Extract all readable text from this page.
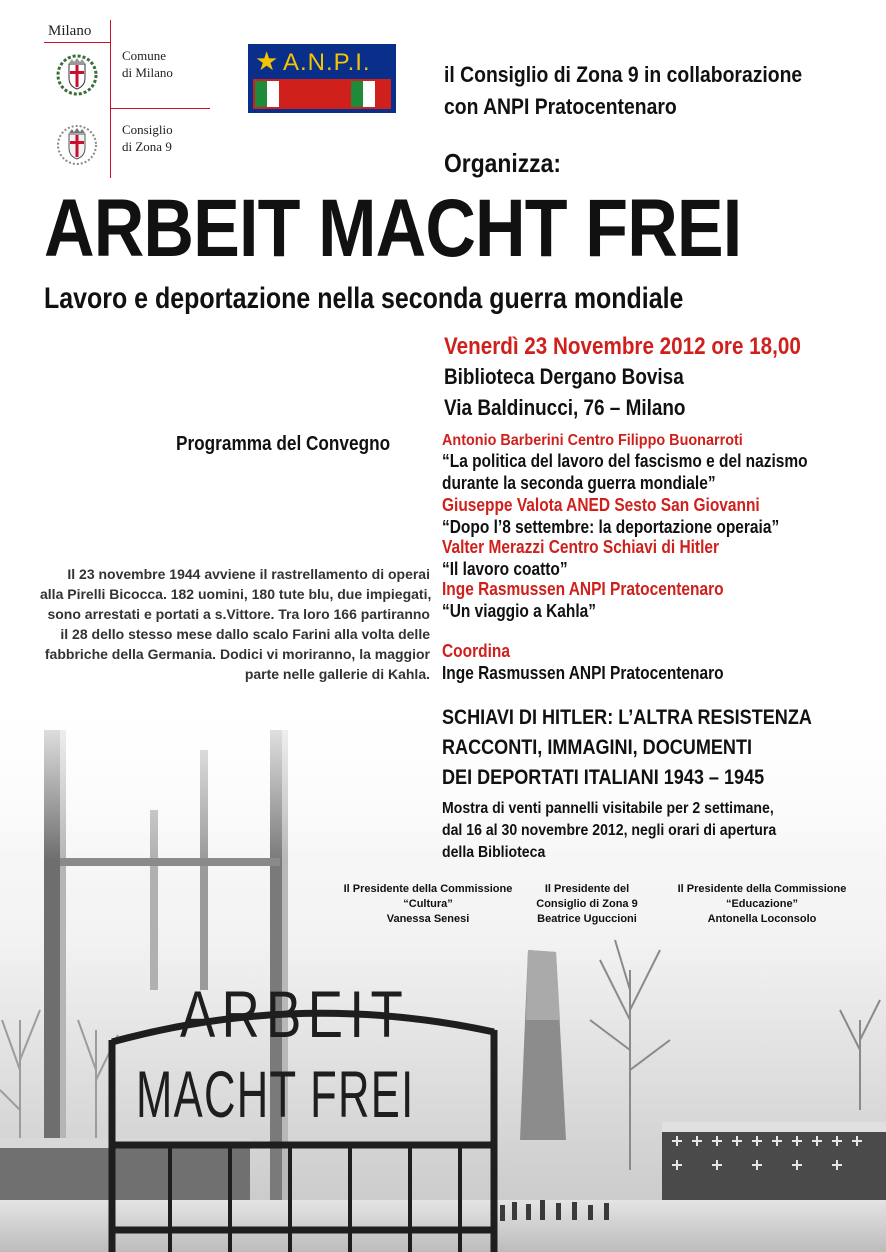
Milano
Comune
di Milano
Consiglio
di Zona 9
★ A.N.P.I.	il Consiglio di Zona 9 in collaborazione
con ANPI Pratocentenaro
Organizza:
ARBEIT MACHT FREI
Lavoro e deportazione nella seconda guerra mondiale
Venerdì 23 Novembre 2012 ore 18,00
Biblioteca Dergano Bovisa
Via Baldinucci, 76 – Milano
Programma del Convegno	Antonio Barberini Centro Filippo Buonarroti
“La politica del lavoro del fascismo e del nazismo
durante la seconda guerra mondiale”
Giuseppe Valota ANED Sesto San Giovanni
“Dopo l’8 settembre: la deportazione operaia”
Valter Merazzi Centro Schiavi di Hitler
“Il lavoro coatto”
Inge Rasmussen ANPI Pratocentenaro
“Un viaggio a Kahla”
Coordina
Inge Rasmussen ANPI Pratocentenaro
Il 23 novembre 1944 avviene il rastrellamento di operai
alla Pirelli Bicocca. 182 uomini, 180 tute blu, due impiegati,
sono arrestati e portati a s.Vittore. Tra loro 166 partiranno
il 28 dello stesso mese dallo scalo Farini alla volta delle
fabbriche della Germania. Dodici vi moriranno, la maggior
parte nelle gallerie di Kahla.
ARBEIT
MACHT FREI
SCHIAVI DI HITLER: L’ALTRA RESISTENZA
RACCONTI, IMMAGINI, DOCUMENTI
DEI DEPORTATI ITALIANI 1943 – 1945
Mostra di venti pannelli visitabile per 2 settimane,
dal 16 al 30 novembre 2012, negli orari di apertura
della Biblioteca
Il Presidente della Commissione
“Cultura”
Vanessa Senesi
Il Presidente del
Consiglio di Zona 9
Beatrice Uguccioni
Il Presidente della Commissione
“Educazione”
Antonella Loconsolo
